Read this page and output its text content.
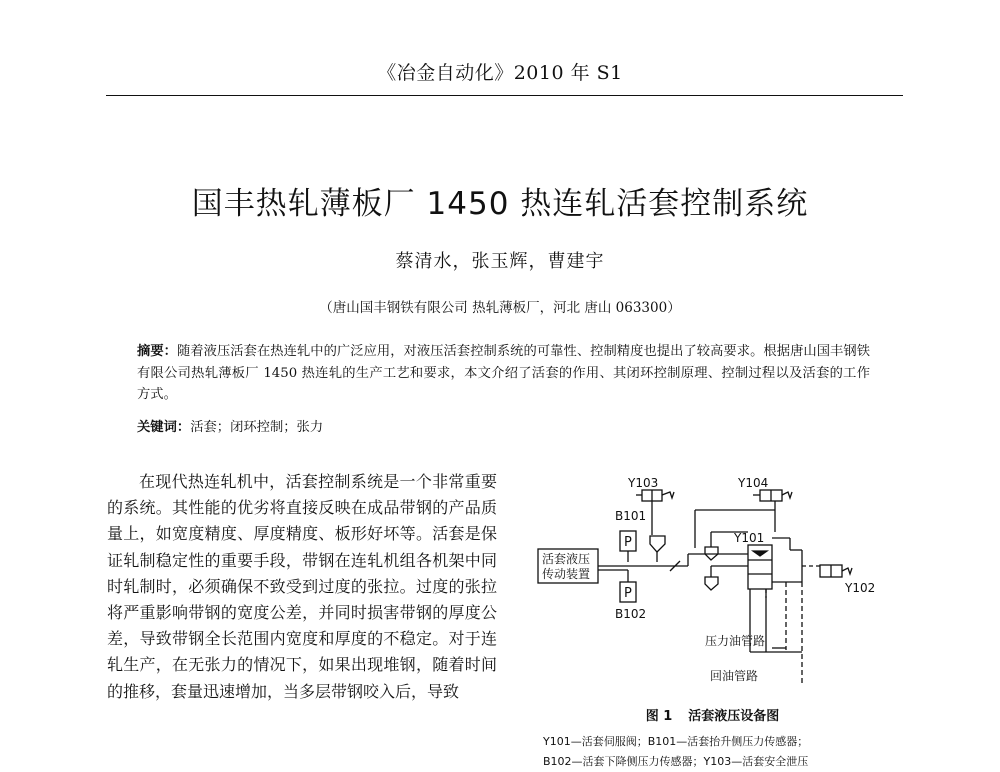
《冶金自动化》2010 年 S1
国丰热轧薄板厂 1450 热连轧活套控制系统
蔡清水，张玉辉，曹建宇
（唐山国丰钢铁有限公司 热轧薄板厂，河北 唐山 063300）
摘要：随着液压活套在热连轧中的广泛应用，对液压活套控制系统的可靠性、控制精度也提出了较高要求。根据唐山国丰钢铁有限公司热轧薄板厂 1450 热连轧的生产工艺和要求，本文介绍了活套的作用、其闭环控制原理、控制过程以及活套的工作方式。
关键词：活套；闭环控制；张力

在现代热连轧机中，活套控制系统是一个非常重要的系统。其性能的优劣将直接反映在成品带钢的产品质量上，如宽度精度、厚度精度、板形好坏等。活套是保证轧制稳定性的重要手段，带钢在连轧机组各机架中同时轧制时，必须确保不致受到过度的张拉。过度的张拉将严重影响带钢的宽度公差，并同时损害带钢的厚度公差，导致带钢全长范围内宽度和厚度的不稳定。对于连轧生产，在无张力的情况下，如果出现堆钢，随着时间的推移，套量迅速增加，当多层带钢咬入后，导致

Y103	Y104
B101
Y101
P
P
活套液压
传动装置
Y102
B102
压力油管路
回油管路
图 1 活套液压设备图
Y101—活套伺服阀；B101—活套抬升侧压力传感器；
B102—活套下降侧压力传感器；Y103—活套安全泄压
